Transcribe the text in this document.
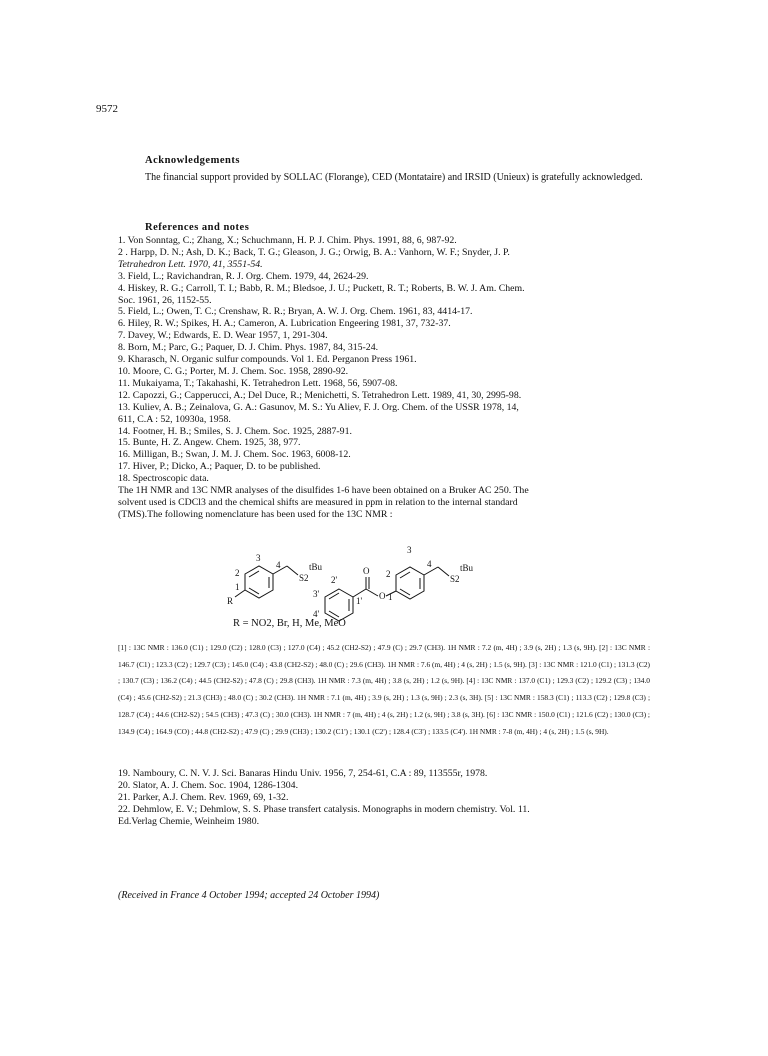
9572
Acknowledgements
The financial support provided by SOLLAC (Florange), CED (Montataire) and IRSID (Unieux) is gratefully acknowledged.
References and notes
1. Von Sonntag, C.; Zhang, X.; Schuchmann, H. P. J. Chim. Phys. 1991, 88, 6, 987-92.
2 . Harpp, D. N.; Ash, D. K.; Back, T. G.; Gleason, J. G.; Orwig, B. A.: Vanhorn, W. F.; Snyder, J. P.
Tetrahedron Lett. 1970, 41, 3551-54.
3. Field, L.; Ravichandran, R. J. Org. Chem. 1979, 44, 2624-29.
4. Hiskey, R. G.; Carroll, T. I.; Babb, R. M.; Bledsoe, J. U.; Puckett, R. T.; Roberts, B. W. J. Am. Chem.
Soc. 1961, 26, 1152-55.
5. Field, L.; Owen, T. C.; Crenshaw, R. R.; Bryan, A. W. J. Org. Chem. 1961, 83, 4414-17.
6. Hiley, R. W.; Spikes, H. A.; Cameron, A. Lubrication Engeering 1981, 37, 732-37.
7. Davey, W.; Edwards, E. D. Wear 1957, 1, 291-304.
8. Born, M.; Parc, G.; Paquer, D. J. Chim. Phys. 1987, 84, 315-24.
9. Kharasch, N. Organic sulfur compounds. Vol 1. Ed. Perganon Press 1961.
10. Moore, C. G.; Porter, M. J. Chem. Soc. 1958, 2890-92.
11. Mukaiyama, T.; Takahashi, K. Tetrahedron Lett. 1968, 56, 5907-08.
12. Capozzi, G.; Capperucci, A.; Del Duce, R.; Menichetti, S. Tetrahedron Lett. 1989, 41, 30, 2995-98.
13. Kuliev, A. B.; Zeinalova, G. A.: Gasunov, M. S.: Yu Aliev, F. J. Org. Chem. of the USSR 1978, 14,
611, C.A : 52, 10930a, 1958.
14. Footner, H. B.; Smiles, S. J. Chem. Soc. 1925, 2887-91.
15. Bunte, H. Z. Angew. Chem. 1925, 38, 977.
16. Milligan, B.; Swan, J. M. J. Chem. Soc. 1963, 6008-12.
17. Hiver, P.; Dicko, A.; Paquer, D. to be published.
18. Spectroscopic data.
The 1H NMR and 13C NMR analyses of the disulfides 1-6 have been obtained on a Bruker AC 250. The
solvent used is CDCl3 and the chemical shifts are measured in ppm in relation to the internal standard
(TMS).The following nomenclature has been used for the 13C NMR :
3
4
2
1
R
S2
tBu
3
4
2
2'
1'	1
3'
4'
O
O
S2
tBu
R = NO2, Br, H, Me, MeO
[1] : 13C NMR : 136.0 (C1) ; 129.0 (C2) ; 128.0 (C3) ; 127.0 (C4) ; 45.2 (CH2-S2) ; 47.9 (C) ; 29.7 (CH3). 1H NMR : 7.2 (m, 4H) ; 3.9 (s, 2H) ; 1.3 (s, 9H). [2] : 13C NMR : 146.7 (C1) ; 123.3 (C2) ; 129.7 (C3) ; 145.0 (C4) ; 43.8 (CH2-S2) ; 48.0 (C) ; 29.6 (CH3). 1H NMR : 7.6 (m, 4H) ; 4 (s, 2H) ; 1.5 (s, 9H). [3] : 13C NMR : 121.0 (C1) ; 131.3 (C2) ; 130.7 (C3) ; 136.2 (C4) ; 44.5 (CH2-S2) ; 47.8 (C) ; 29.8 (CH3). 1H NMR : 7.3 (m, 4H) ; 3.8 (s, 2H) ; 1.2 (s, 9H). [4] : 13C NMR : 137.0 (C1) ; 129.3 (C2) ; 129.2 (C3) ; 134.0 (C4) ; 45.6 (CH2-S2) ; 21.3 (CH3) ; 48.0 (C) ; 30.2 (CH3). 1H NMR : 7.1 (m, 4H) ; 3.9 (s, 2H) ; 1.3 (s, 9H) ; 2.3 (s, 3H). [5] : 13C NMR : 158.3 (C1) ; 113.3 (C2) ; 129.8 (C3) ; 128.7 (C4) ; 44.6 (CH2-S2) ; 54.5 (CH3) ; 47.3 (C) ; 30.0 (CH3). 1H NMR : 7 (m, 4H) ; 4 (s, 2H) ; 1.2 (s, 9H) ; 3.8 (s, 3H). [6] : 13C NMR : 150.0 (C1) ; 121.6 (C2) ; 130.0 (C3) ; 134.9 (C4) ; 164.9 (CO) ; 44.8 (CH2-S2) ; 47.9 (C) ; 29.9 (CH3) ; 130.2 (C1') ; 130.1 (C2') ; 128.4 (C3') ; 133.5 (C4'). 1H NMR : 7-8 (m, 4H) ; 4 (s, 2H) ; 1.5 (s, 9H).
19. Namboury, C. N. V. J. Sci. Banaras Hindu Univ. 1956, 7, 254-61, C.A : 89, 113555r, 1978.
20. Slator, A. J. Chem. Soc. 1904, 1286-1304.
21. Parker, A.J. Chem. Rev. 1969, 69, 1-32.
22. Dehmlow, E. V.; Dehmlow, S. S. Phase transfert catalysis. Monographs in modern chemistry. Vol. 11.
Ed.Verlag Chemie, Weinheim 1980.
(Received in France 4 October 1994; accepted 24 October 1994)
